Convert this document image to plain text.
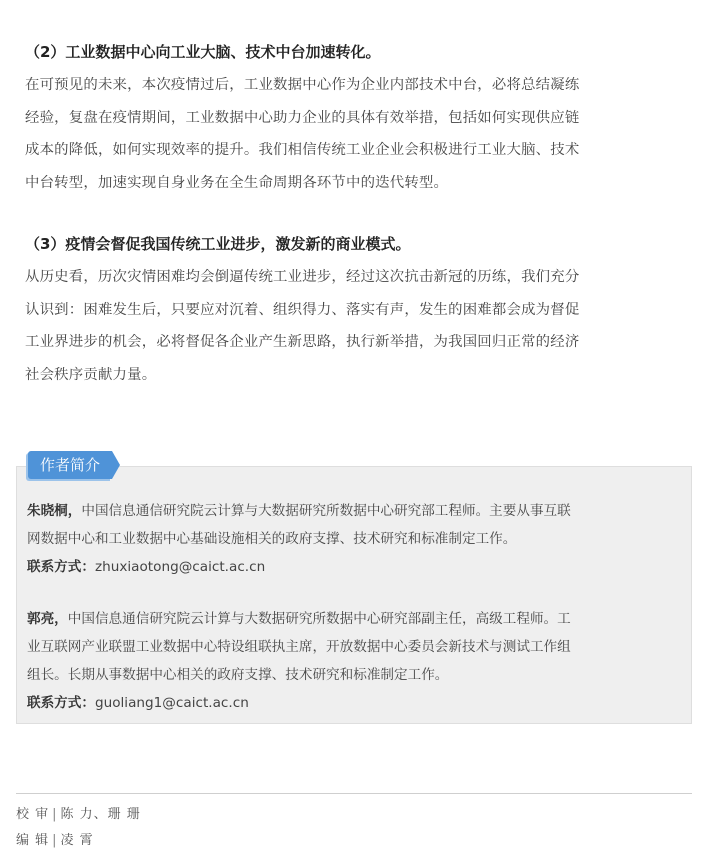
（2）工业数据中心向工业大脑、技术中台加速转化。

在可预见的未来，本次疫情过后，工业数据中心作为企业内部技术中台，必将总结凝练
经验，复盘在疫情期间，工业数据中心助力企业的具体有效举措，包括如何实现供应链
成本的降低，如何实现效率的提升。我们相信传统工业企业会积极进行工业大脑、技术
中台转型，加速实现自身业务在全生命周期各环节中的迭代转型。

（3）疫情会督促我国传统工业进步，激发新的商业模式。

从历史看，历次灾情困难均会倒逼传统工业进步，经过这次抗击新冠的历练，我们充分
认识到：困难发生后，只要应对沉着、组织得力、落实有声，发生的困难都会成为督促
工业界进步的机会，必将督促各企业产生新思路，执行新举措，为我国回归正常的经济
社会秩序贡献力量。

作者简介
朱晓桐，中国信息通信研究院云计算与大数据研究所数据中心研究部工程师。主要从事互联
网数据中心和工业数据中心基础设施相关的政府支撑、技术研究和标准制定工作。
联系方式：zhuxiaotong@caict.ac.cn
郭亮，中国信息通信研究院云计算与大数据研究所数据中心研究部副主任，高级工程师。工
业互联网产业联盟工业数据中心特设组联执主席，开放数据中心委员会新技术与测试工作组
组长。长期从事数据中心相关的政府支撑、技术研究和标准制定工作。
联系方式：guoliang1@caict.ac.cn
校 审 | 陈 力、珊 珊
编 辑 | 凌 霄
